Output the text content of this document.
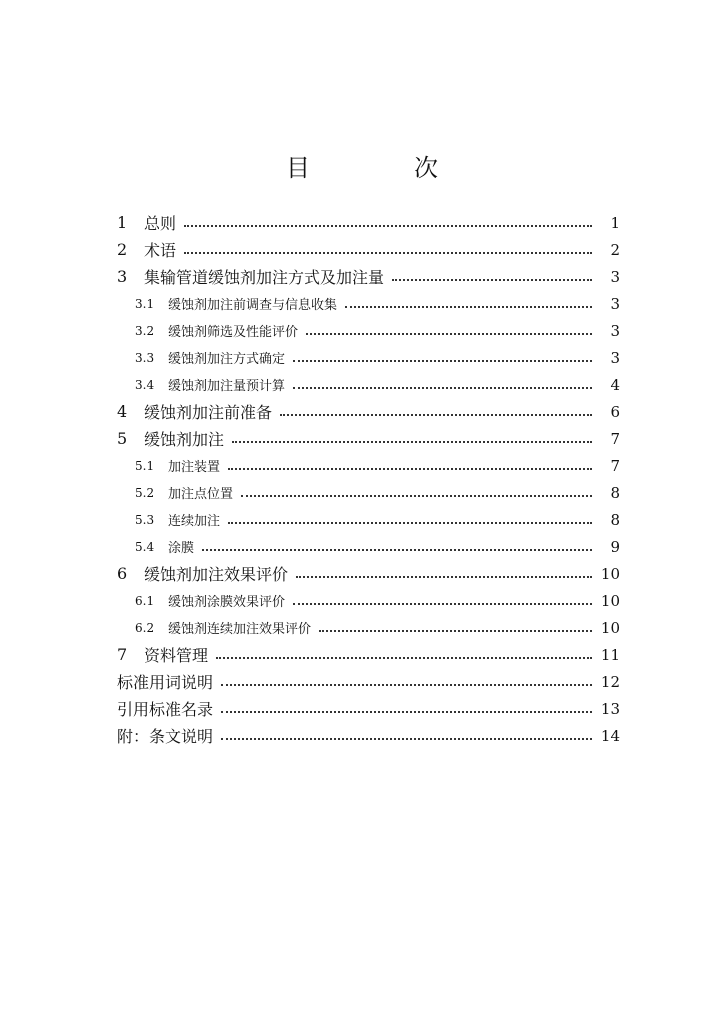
目　次
1	总则	1
2	术语	2
3	集输管道缓蚀剂加注方式及加注量	3
3.1	缓蚀剂加注前调查与信息收集	3
3.2	缓蚀剂筛选及性能评价	3
3.3	缓蚀剂加注方式确定	3
3.4	缓蚀剂加注量预计算	4
4	缓蚀剂加注前准备	6
5	缓蚀剂加注	7
5.1	加注装置	7
5.2	加注点位置	8
5.3	连续加注	8
5.4	涂膜	9
6	缓蚀剂加注效果评价	10
6.1	缓蚀剂涂膜效果评价	10
6.2	缓蚀剂连续加注效果评价	10
7	资料管理	11
标准用词说明	12
引用标准名录	13
附：条文说明	14
